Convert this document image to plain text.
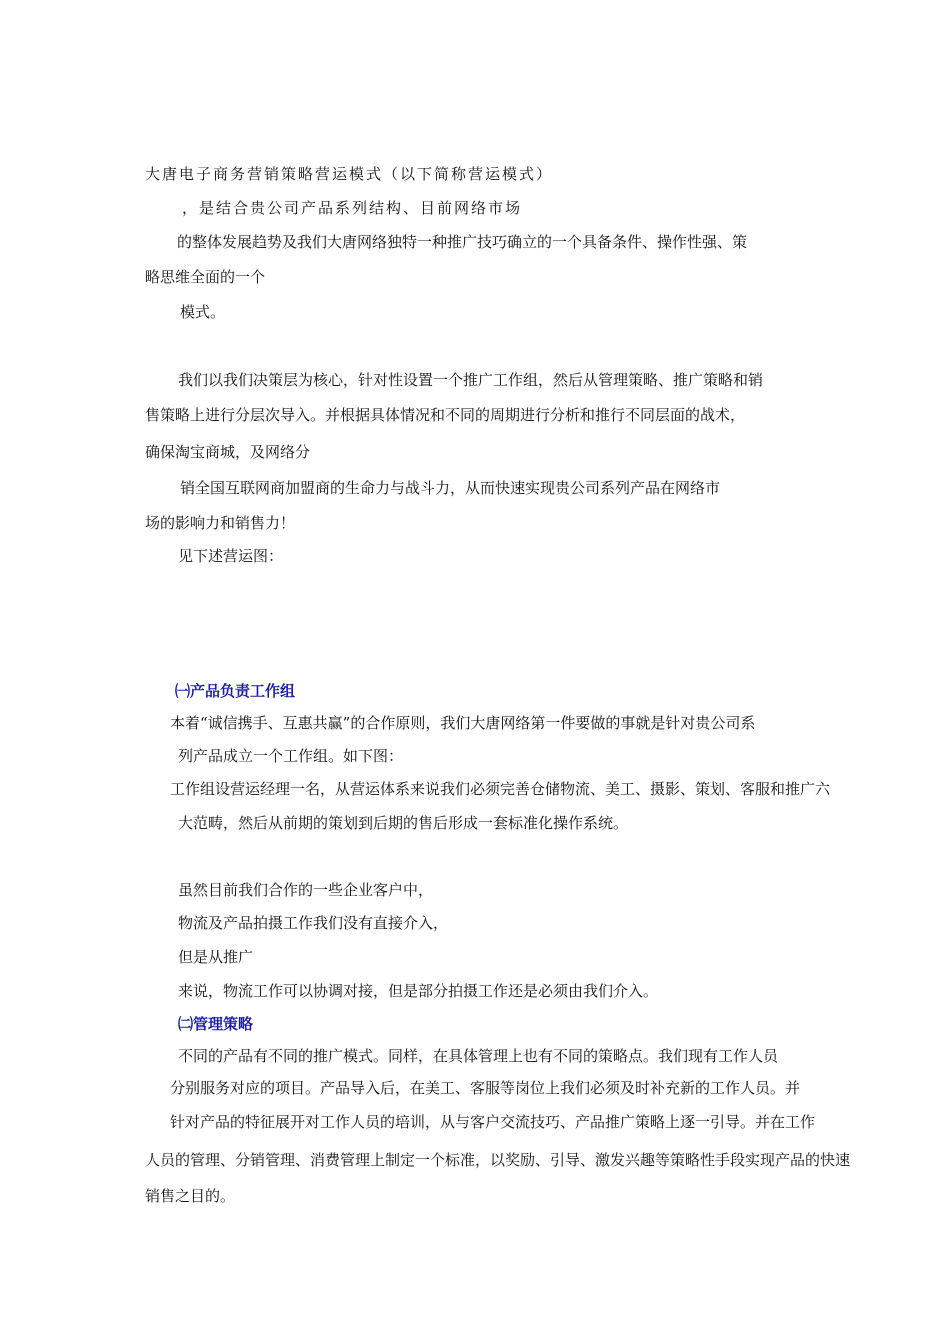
大唐电子商务营销策略营运模式（以下简称营运模式）
，是结合贵公司产品系列结构、目前网络市场
的整体发展趋势及我们大唐网络独特一种推广技巧确立的一个具备条件、操作性强、策
略思维全面的一个
模式。
我们以我们决策层为核心，针对性设置一个推广工作组，然后从管理策略、推广策略和销
售策略上进行分层次导入。并根据具体情况和不同的周期进行分析和推行不同层面的战术，
确保淘宝商城，及网络分
销全国互联网商加盟商的生命力与战斗力，从而快速实现贵公司系列产品在网络市
场的影响力和销售力！
见下述营运图：
㈠产品负责工作组
本着“诚信携手、互惠共赢”的合作原则，我们大唐网络第一件要做的事就是针对贵公司系
列产品成立一个工作组。如下图：
工作组设营运经理一名，从营运体系来说我们必须完善仓储物流、美工、摄影、策划、客服和推广六
大范畴，然后从前期的策划到后期的售后形成一套标准化操作系统。
虽然目前我们合作的一些企业客户中，
物流及产品拍摄工作我们没有直接介入，
但是从推广
来说，物流工作可以协调对接，但是部分拍摄工作还是必须由我们介入。
㈡管理策略
不同的产品有不同的推广模式。同样，在具体管理上也有不同的策略点。我们现有工作人员
分别服务对应的项目。产品导入后，在美工、客服等岗位上我们必须及时补充新的工作人员。并
针对产品的特征展开对工作人员的培训，从与客户交流技巧、产品推广策略上逐一引导。并在工作
人员的管理、分销管理、消费管理上制定一个标准，以奖励、引导、激发兴趣等策略性手段实现产品的快速
销售之目的。
